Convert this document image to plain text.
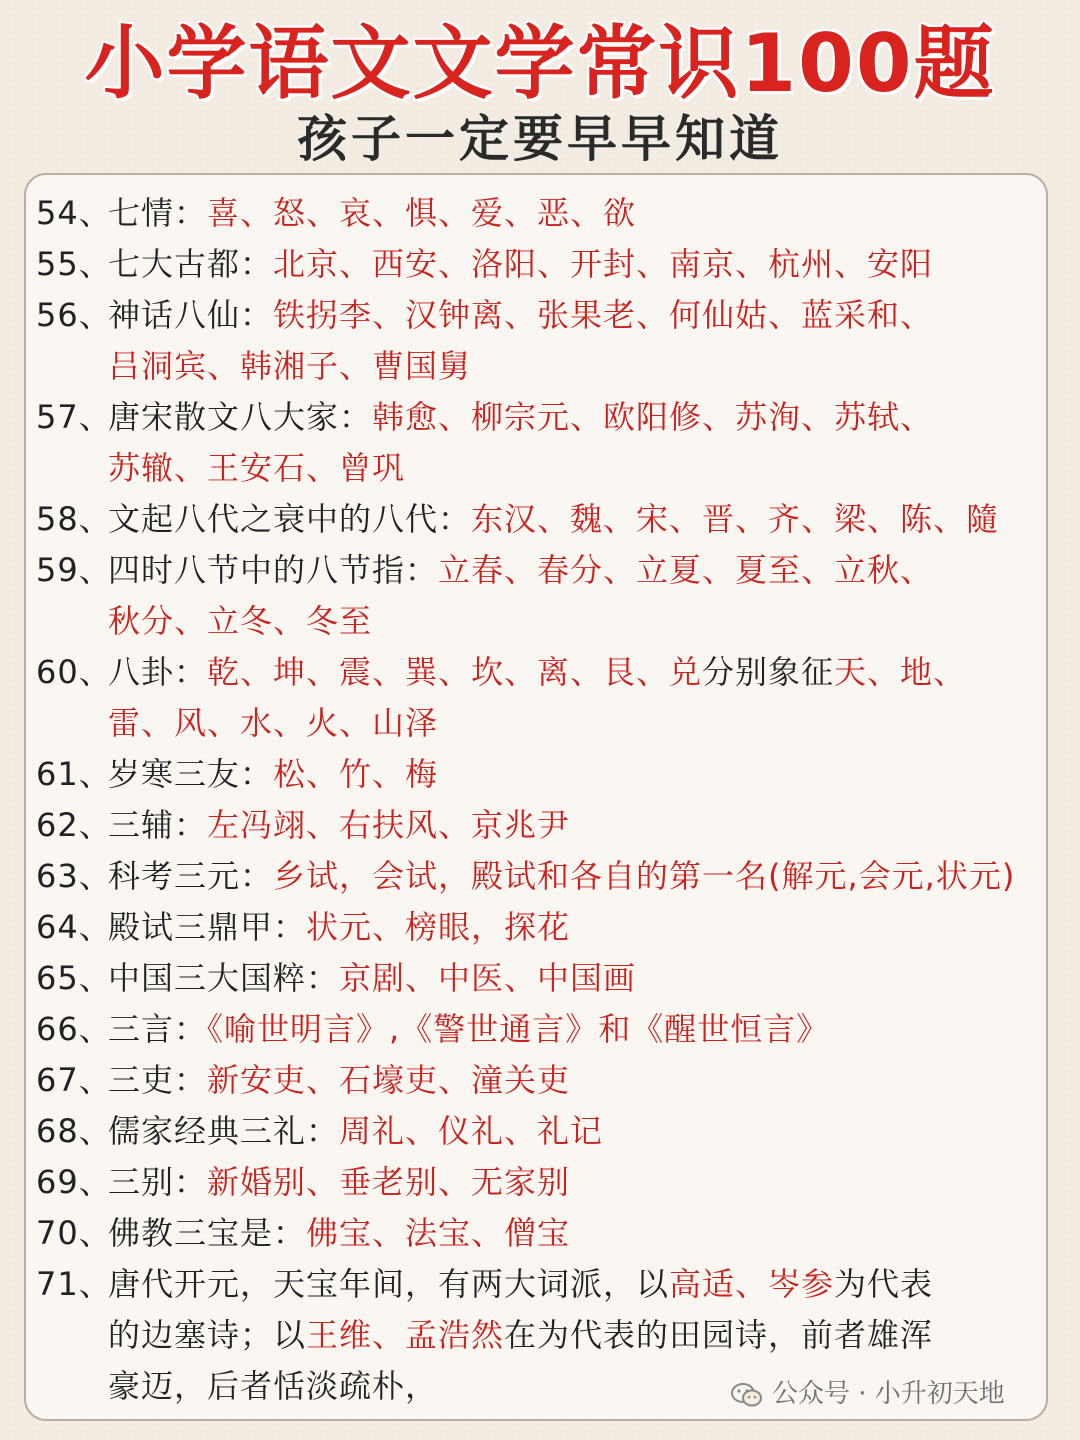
小学语文文学常识100题
孩子一定要早早知道
54、七情：喜、怒、哀、惧、爱、恶、欲
55、七大古都：北京、西安、洛阳、开封、南京、杭州、安阳
56、神话八仙：铁拐李、汉钟离、张果老、何仙姑、蓝采和、
吕洞宾、韩湘子、曹国舅
57、唐宋散文八大家：韩愈、柳宗元、欧阳修、苏洵、苏轼、
苏辙、王安石、曾巩
58、文起八代之衰中的八代：东汉、魏、宋、晋、齐、梁、陈、隨
59、四时八节中的八节指：立春、春分、立夏、夏至、立秋、
秋分、立冬、冬至
60、八卦：乾、坤、震、巽、坎、离、艮、兑分别象征天、地、
雷、风、水、火、山泽
61、岁寒三友：松、竹、梅
62、三辅：左冯翊、右扶风、京兆尹
63、科考三元：乡试，会试，殿试和各自的第一名(解元,会元,状元)
64、殿试三鼎甲：状元、榜眼，探花
65、中国三大国粹：京剧、中医、中国画
66、三言：《喻世明言》,《警世通言》和《醒世恒言》
67、三吏：新安吏、石壕吏、潼关吏
68、儒家经典三礼：周礼、仪礼、礼记
69、三别：新婚别、垂老别、无家别
70、佛教三宝是：佛宝、法宝、僧宝
71、唐代开元，天宝年间，有两大词派，以高适、岑参为代表
的边塞诗；以王维、孟浩然在为代表的田园诗，前者雄浑
豪迈，后者恬淡疏朴，	公众号 · 小升初天地
